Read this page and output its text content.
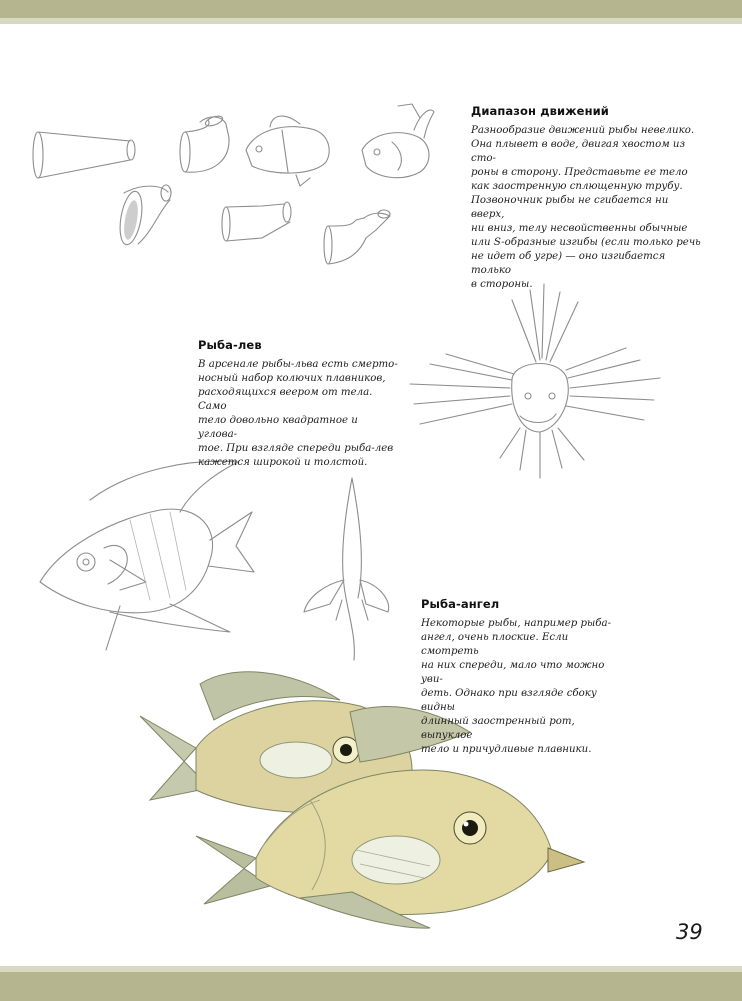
Диапазон движений

Разнообразие движений рыбы невелико.
Она плывет в воде, двигая хвостом из сто-
роны в сторону. Представьте ее тело
как заостренную сплющенную трубу.
Позвоночник рыбы не сгибается ни вверх,
ни вниз, телу несвойственны обычные
или S-образные изгибы (если только речь
не идет об угре) — оно изгибается только
в стороны.

Рыба-лев

В арсенале рыбы-льва есть смерто-
носный набор колючих плавников,
расходящихся веером от тела. Само
тело довольно квадратное и углова-
тое. При взгляде спереди рыба-лев
кажется широкой и толстой.

Рыба-ангел

Некоторые рыбы, например рыба-
ангел, очень плоские. Если смотреть
на них спереди, мало что можно уви-
деть. Однако при взгляде сбоку видны
длинный заостренный рот, выпуклое
тело и причудливые плавники.

39
